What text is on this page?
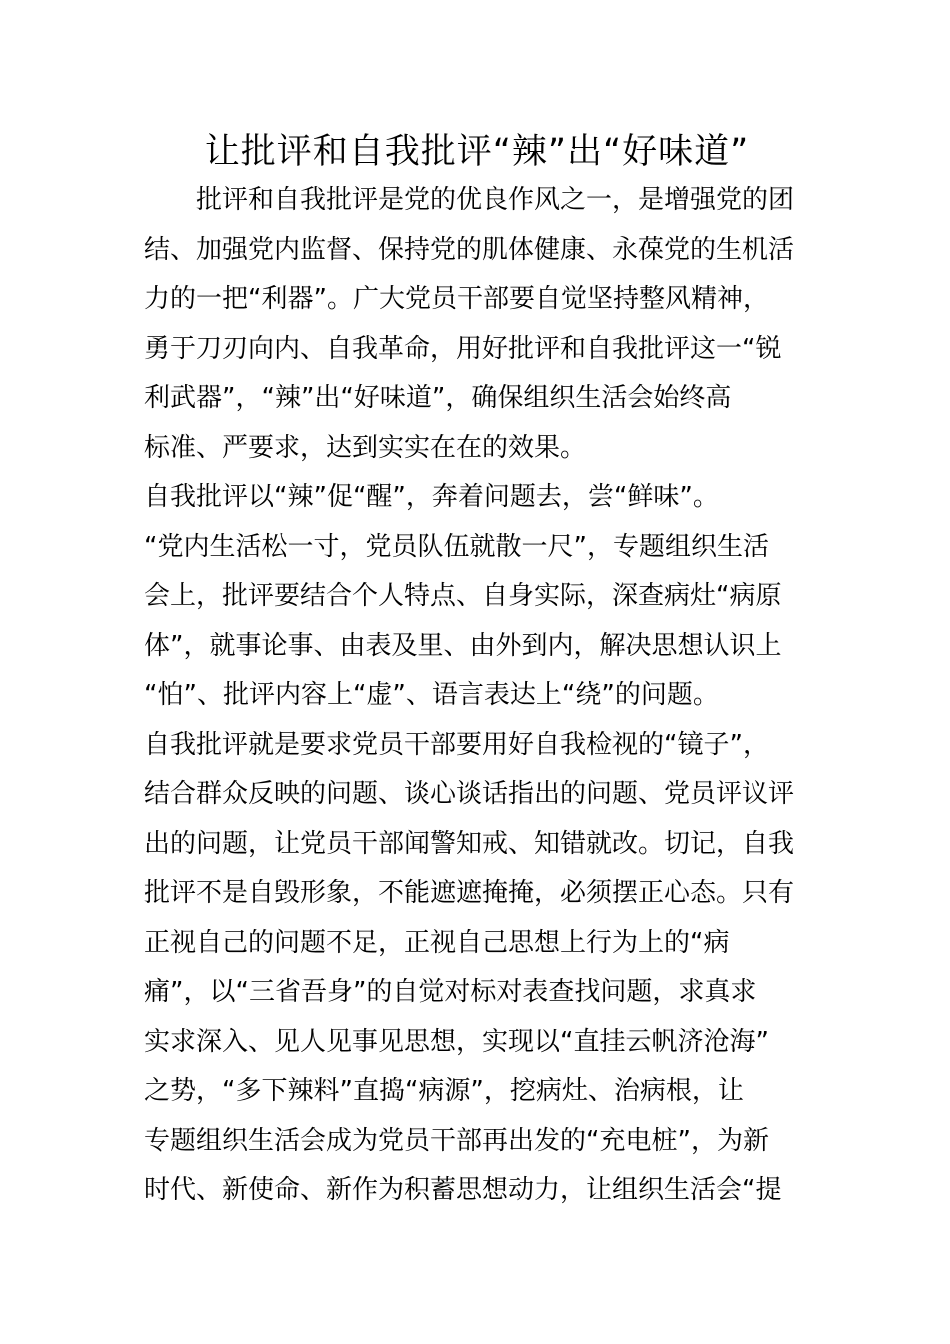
让批评和自我批评“辣”出“好味道”
　　批评和自我批评是党的优良作风之一，是增强党的团
结、加强党内监督、保持党的肌体健康、永葆党的生机活
力的一把“利器”。广大党员干部要自觉坚持整风精神，
勇于刀刃向内、自我革命，用好批评和自我批评这一“锐
利武器”，“辣”出“好味道”，确保组织生活会始终高
标准、严要求，达到实实在在的效果。
自我批评以“辣”促“醒”，奔着问题去，尝“鲜味”。
“党内生活松一寸，党员队伍就散一尺”，专题组织生活
会上，批评要结合个人特点、自身实际，深查病灶“病原
体”，就事论事、由表及里、由外到内，解决思想认识上
“怕”、批评内容上“虚”、语言表达上“绕”的问题。
自我批评就是要求党员干部要用好自我检视的“镜子”，
结合群众反映的问题、谈心谈话指出的问题、党员评议评
出的问题，让党员干部闻警知戒、知错就改。切记，自我
批评不是自毁形象，不能遮遮掩掩，必须摆正心态。只有
正视自己的问题不足，正视自己思想上行为上的“病
痛”，以“三省吾身”的自觉对标对表查找问题，求真求
实求深入、见人见事见思想，实现以“直挂云帆济沧海”
之势，“多下辣料”直捣“病源”，挖病灶、治病根，让
专题组织生活会成为党员干部再出发的“充电桩”，为新
时代、新使命、新作为积蓄思想动力，让组织生活会“提
